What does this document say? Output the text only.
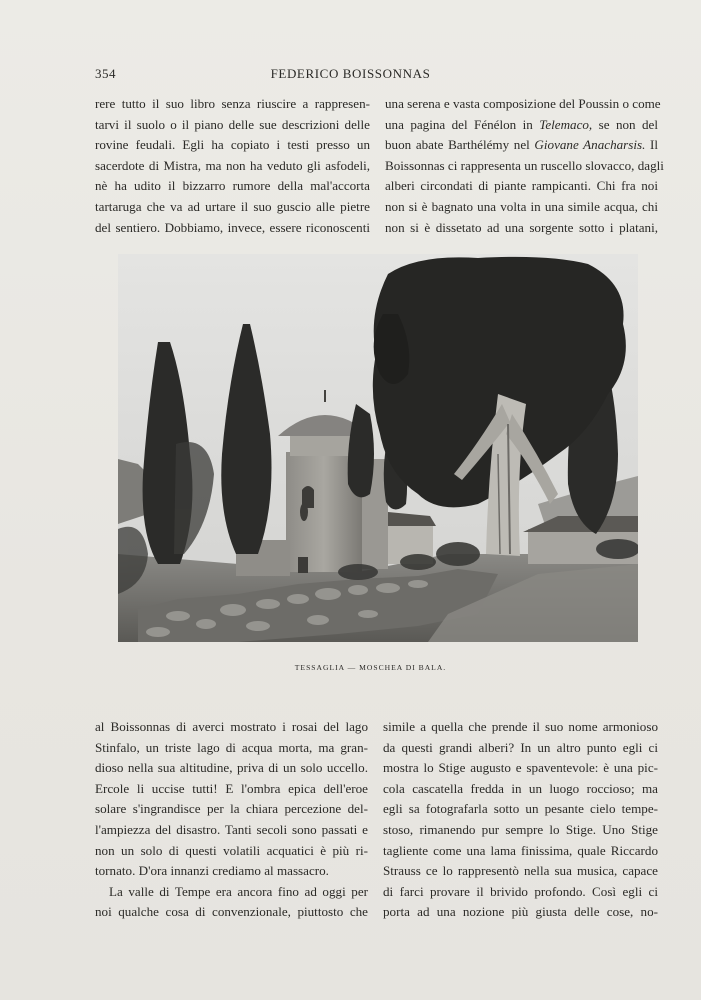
354	FEDERICO BOISSONNAS
rere tutto il suo libro senza riuscire a rappresen-
tarvi il suolo o il piano delle sue descrizioni delle
rovine feudali. Egli ha copiato i testi presso un
sacerdote di Mistra, ma non ha veduto gli asfodeli,
nè ha udito il bizzarro rumore della mal'accorta
tartaruga che va ad urtare il suo guscio alle pietre
del sentiero. Dobbiamo, invece, essere riconoscenti
una serena e vasta composizione del Poussin o come
una pagina del Fénélon in Telemaco, se non del
buon abate Barthélémy nel Giovane Anacharsis. Il
Boissonnas ci rappresenta un ruscello slovacco, dagli
alberi circondati di piante rampicanti. Chi fra noi
non si è bagnato una volta in una simile acqua, chi
non si è dissetato ad una sorgente sotto i platani,
TESSAGLIA — MOSCHEA DI BALA.
al Boissonnas di averci mostrato i rosai del lago
Stinfalo, un triste lago di acqua morta, ma gran-
dioso nella sua altitudine, priva di un solo uccello.
Ercole li uccise tutti! E l'ombra epica dell'eroe
solare s'ingrandisce per la chiara percezione del-
l'ampiezza del disastro. Tanti secoli sono passati e
non un solo di questi volatili acquatici è più ri-
tornato. D'ora innanzi crediamo al massacro.
La valle di Tempe era ancora fino ad oggi per
noi qualche cosa di convenzionale, piuttosto che
simile a quella che prende il suo nome armonioso
da questi grandi alberi? In un altro punto egli ci
mostra lo Stige augusto e spaventevole: è una pic-
cola cascatella fredda in un luogo roccioso; ma
egli sa fotografarla sotto un pesante cielo tempe-
stoso, rimanendo pur sempre lo Stige. Uno Stige
tagliente come una lama finissima, quale Riccardo
Strauss ce lo rappresentò nella sua musica, capace
di farci provare il brivido profondo. Così egli ci
porta ad una nozione più giusta delle cose, no-
